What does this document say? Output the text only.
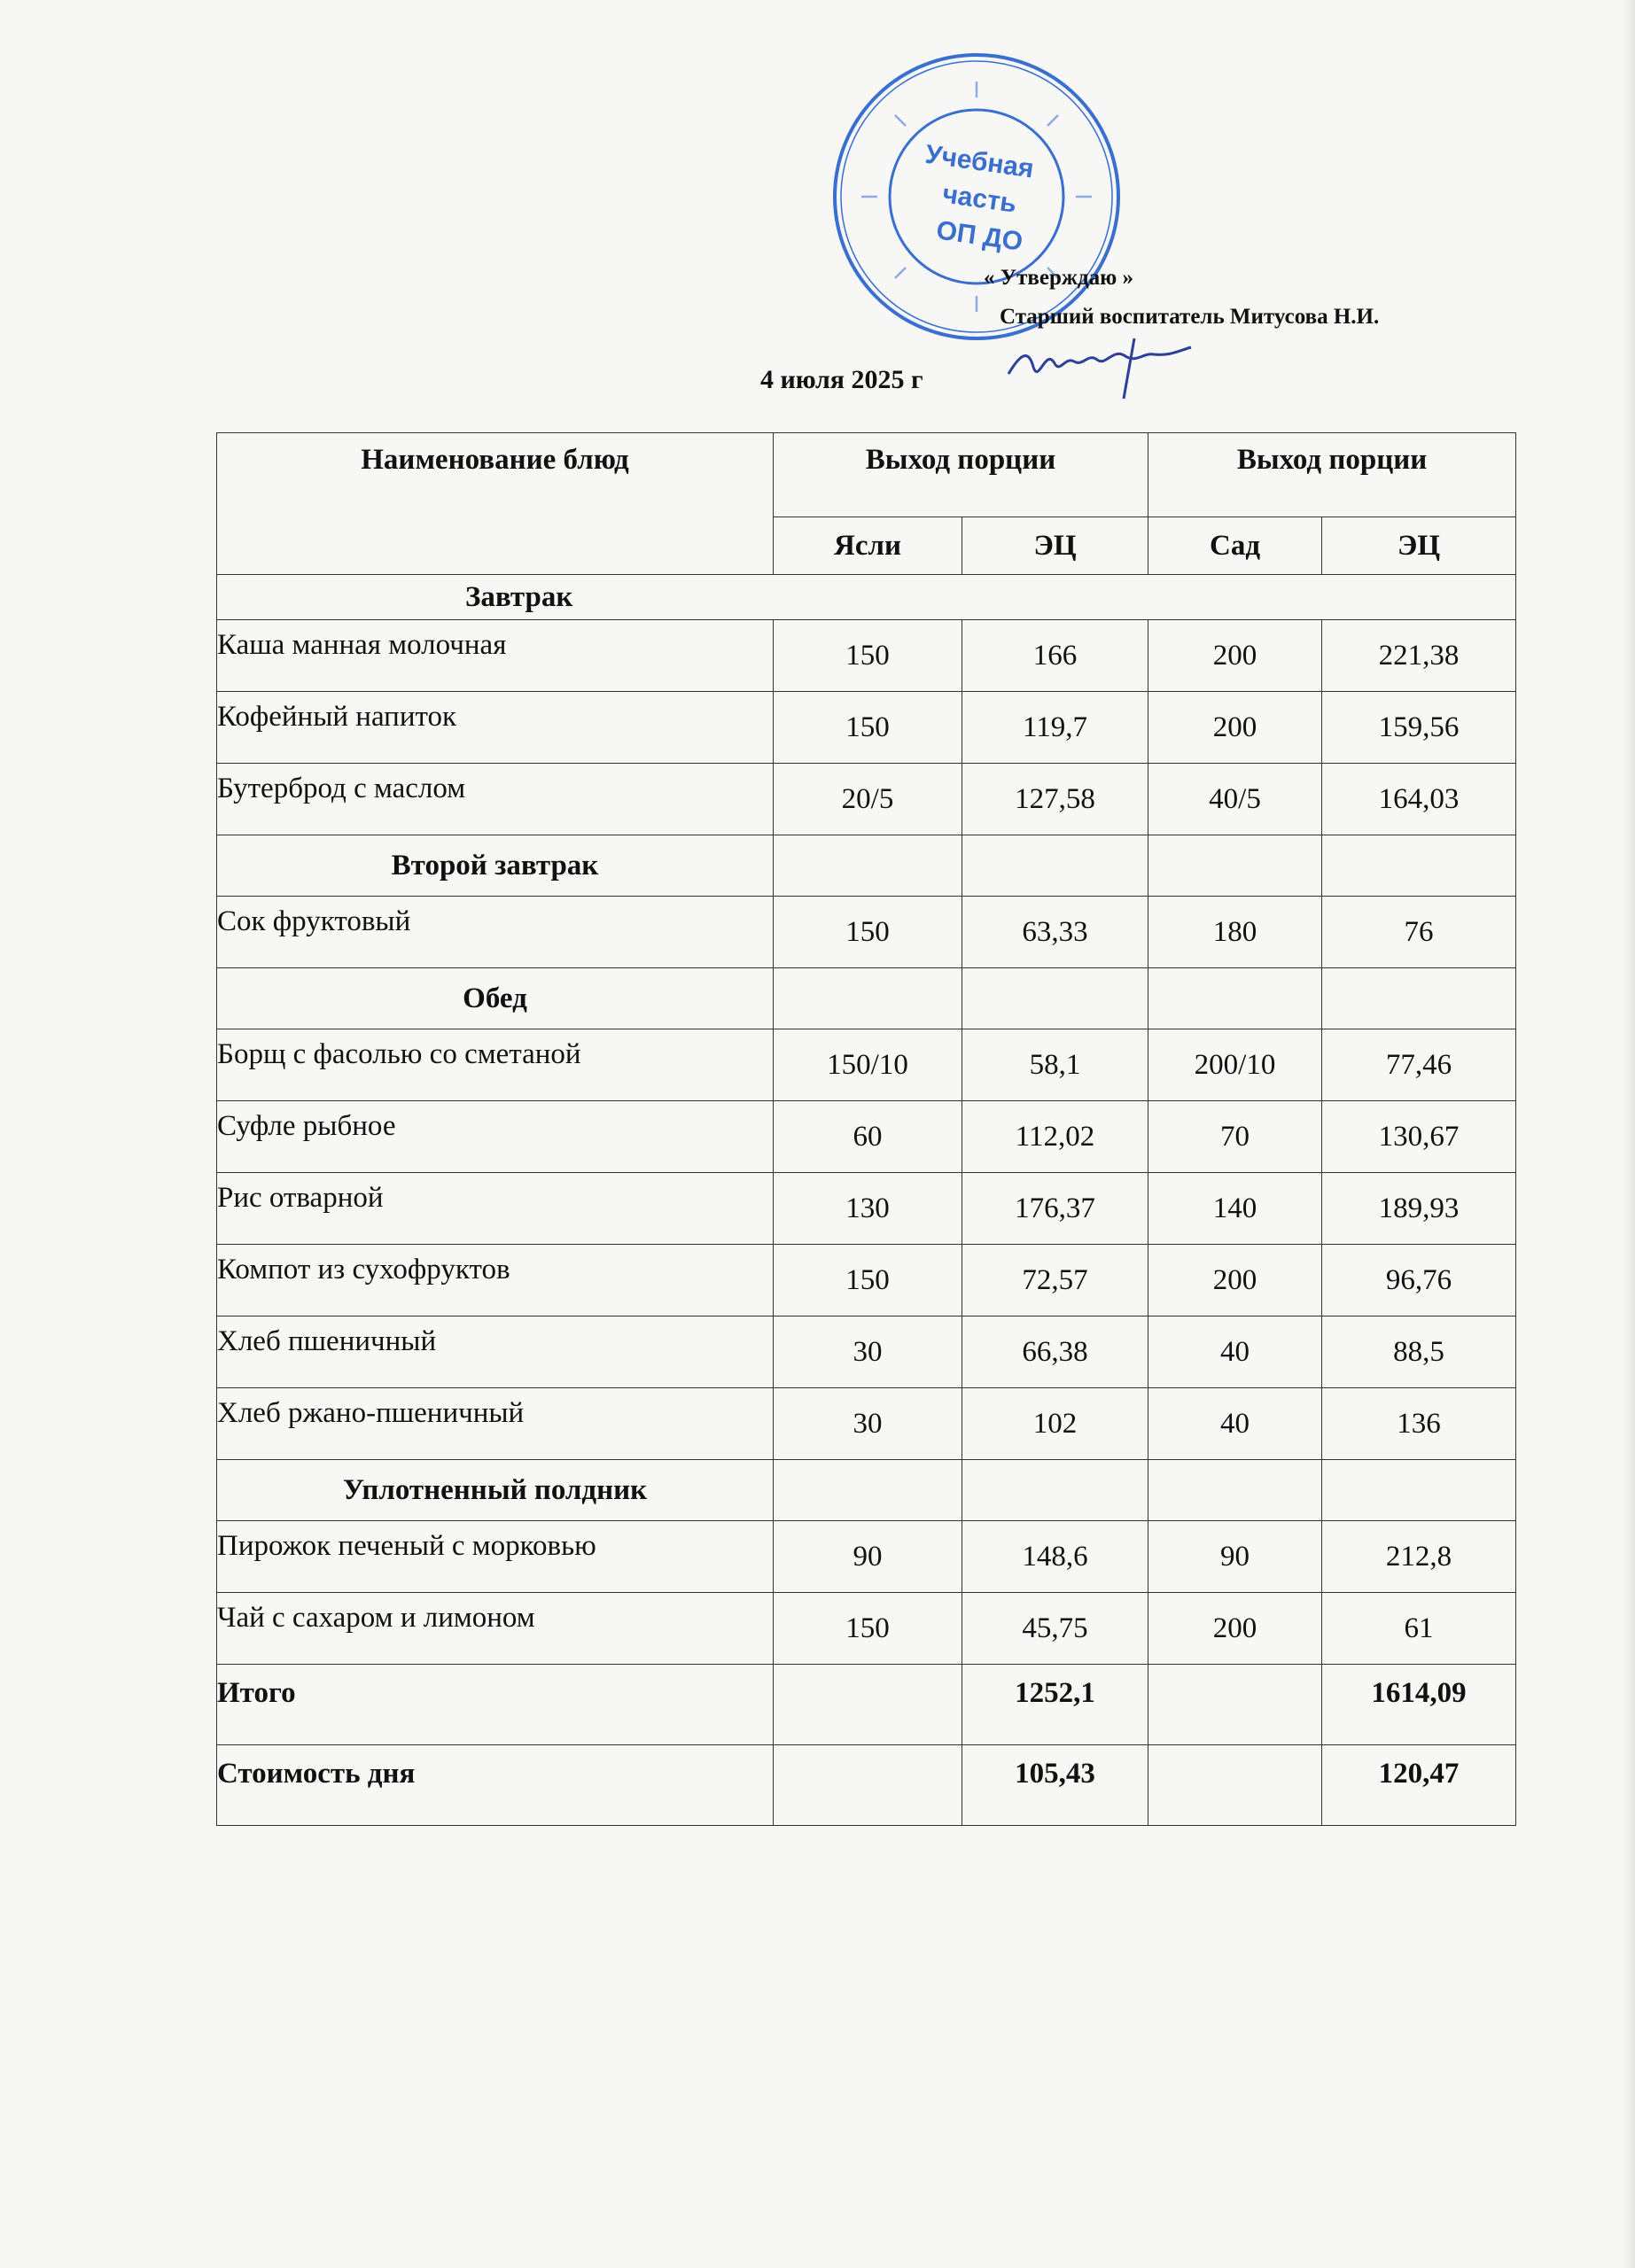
Учебная
часть
ОП ДО
« Утверждаю »
Старший воспитатель Митусова Н.И.
4 июля 2025 г
Наименование блюд	Выход порции		Выход порции	
	Ясли	ЭЦ	Сад	ЭЦ
Завтрак				
Каша манная молочная	150	166	200	221,38
Кофейный напиток	150	119,7	200	159,56
Бутерброд с маслом	20/5	127,58	40/5	164,03
Второй завтрак				
Сок фруктовый	150	63,33	180	76
Обед				
Борщ с фасолью со сметаной	150/10	58,1	200/10	77,46
Суфле рыбное	60	112,02	70	130,67
Рис отварной	130	176,37	140	189,93
Компот из сухофруктов	150	72,57	200	96,76
Хлеб пшеничный	30	66,38	40	88,5
Хлеб ржано-пшеничный	30	102	40	136
Уплотненный полдник				
Пирожок печеный с морковью	90	148,6	90	212,8
Чай с сахаром и лимоном	150	45,75	200	61
Итого		1252,1		1614,09
Стоимость дня		105,43		120,47
